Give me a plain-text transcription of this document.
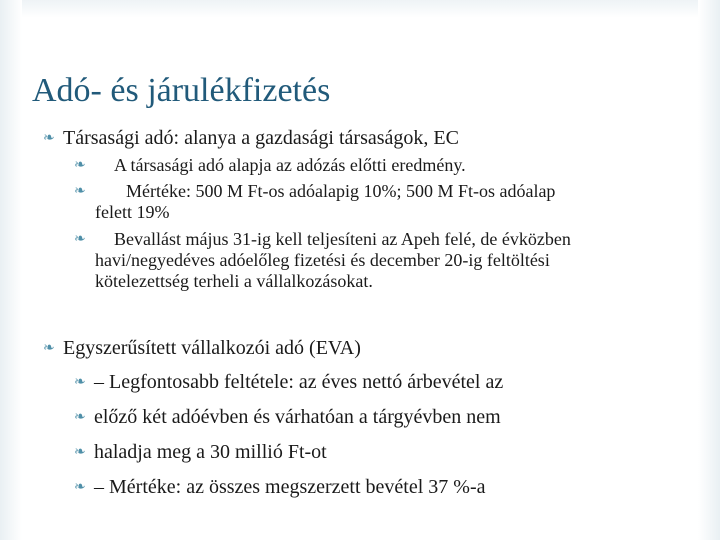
Adó- és járulékfizetés
❧ Társasági adó: alanya a gazdasági társaságok, EC
❧ A társasági adó alapja az adózás előtti eredmény.
❧ Mértéke: 500 M Ft-os adóalapig 10%; 500 M Ft-os adóalap
felett 19%
❧ Bevallást május 31-ig kell teljesíteni az Apeh felé, de évközben
havi/negyedéves adóelőleg fizetési és december 20-ig feltöltési
kötelezettség terheli a vállalkozásokat.
❧ Egyszerűsített vállalkozói adó (EVA)
❧ – Legfontosabb feltétele: az éves nettó árbevétel az
❧ előző két adóévben és várhatóan a tárgyévben nem
❧ haladja meg a 30 millió Ft-ot
❧ – Mértéke: az összes megszerzett bevétel 37 %-a
